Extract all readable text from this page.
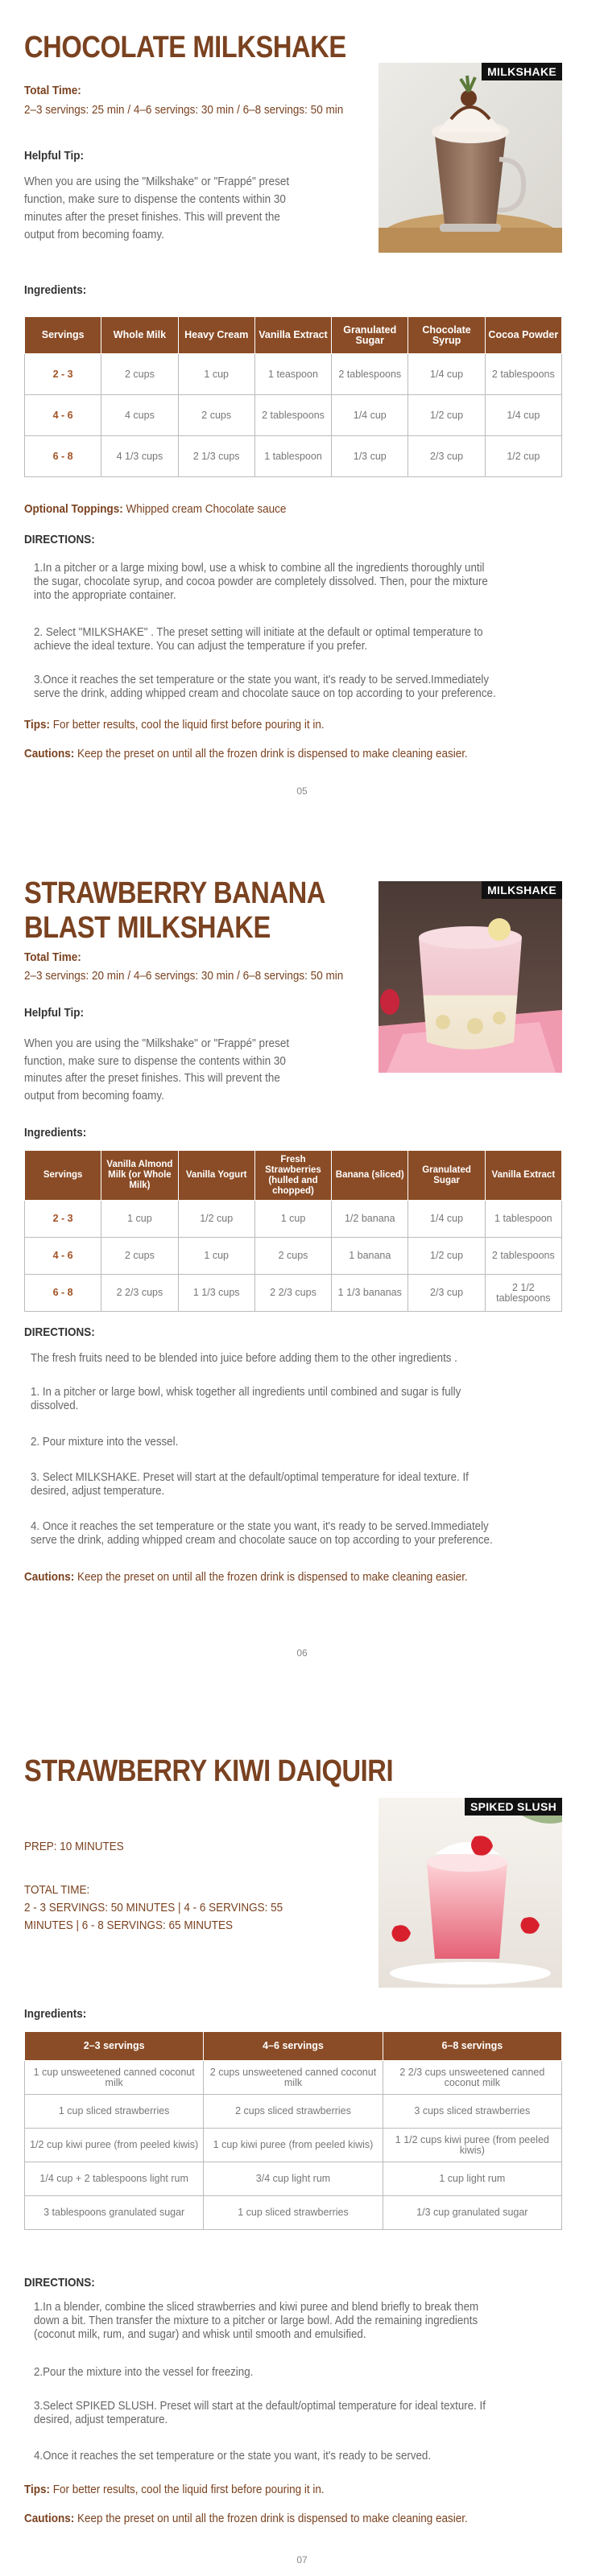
CHOCOLATE MILKSHAKE
MILKSHAKE
Total Time:
2–3 servings: 25 min / 4–6 servings: 30 min / 6–8 servings: 50 min
Helpful Tip:
When you are using the "Milkshake" or "Frappé" preset
function, make sure to dispense the contents within 30
minutes after the preset finishes. This will prevent the
output from becoming foamy.
Ingredients:
Servings	Whole Milk	Heavy Cream	Vanilla Extract	Granulated Sugar	Chocolate Syrup	Cocoa Powder
2 - 3	2 cups	1 cup	1 teaspoon	2 tablespoons	1/4 cup	2 tablespoons
4 - 6	4 cups	2 cups	2 tablespoons	1/4 cup	1/2 cup	1/4 cup
6 - 8	4 1/3 cups	2 1/3 cups	1 tablespoon	1/3 cup	2/3 cup	1/2 cup
Optional Toppings: Whipped cream Chocolate sauce
DIRECTIONS:
1.In a pitcher or a large mixing bowl, use a whisk to combine all the ingredients thoroughly until
the sugar, chocolate syrup, and cocoa powder are completely dissolved. Then, pour the mixture
into the appropriate container.
2. Select "MILKSHAKE" . The preset setting will initiate at the default or optimal temperature to
achieve the ideal texture. You can adjust the temperature if you prefer.
3.Once it reaches the set temperature or the state you want, it's ready to be served.Immediately
serve the drink, adding whipped cream and chocolate sauce on top according to your preference.
Tips: For better results, cool the liquid first before pouring it in.
Cautions: Keep the preset on until all the frozen drink is dispensed to make cleaning easier.
05
STRAWBERRY BANANA
BLAST MILKSHAKE
MILKSHAKE
Total Time:
2–3 servings: 20 min / 4–6 servings: 30 min / 6–8 servings: 50 min
Helpful Tip:
When you are using the "Milkshake" or "Frappé" preset
function, make sure to dispense the contents within 30
minutes after the preset finishes. This will prevent the
output from becoming foamy.
Ingredients:
Servings	Vanilla Almond Milk (or Whole Milk)	Vanilla Yogurt	Fresh Strawberries (hulled and chopped)	Banana (sliced)	Granulated Sugar	Vanilla Extract
2 - 3	1 cup	1/2 cup	1 cup	1/2 banana	1/4 cup	1 tablespoon
4 - 6	2 cups	1 cup	2 cups	1 banana	1/2 cup	2 tablespoons
6 - 8	2 2/3 cups	1 1/3 cups	2 2/3 cups	1 1/3 bananas	2/3 cup	2 1/2 tablespoons
DIRECTIONS:
The fresh fruits need to be blended into juice before adding them to the other ingredients .
1. In a pitcher or large bowl, whisk together all ingredients until combined and sugar is fully
dissolved.
2. Pour mixture into the vessel.
3. Select MILKSHAKE. Preset will start at the default/optimal temperature for ideal texture. If
desired, adjust temperature.
4. Once it reaches the set temperature or the state you want, it's ready to be served.Immediately
serve the drink, adding whipped cream and chocolate sauce on top according to your preference.
Cautions: Keep the preset on until all the frozen drink is dispensed to make cleaning easier.
06
STRAWBERRY KIWI DAIQUIRI
SPIKED SLUSH
PREP: 10 MINUTES
TOTAL TIME:
2 - 3 SERVINGS: 50 MINUTES | 4 - 6 SERVINGS: 55
MINUTES | 6 - 8 SERVINGS: 65 MINUTES
Ingredients:
2–3 servings	4–6 servings	6–8 servings
1 cup unsweetened canned coconut milk	2 cups unsweetened canned coconut milk	2 2/3 cups unsweetened canned coconut milk
1 cup sliced strawberries	2 cups sliced strawberries	3 cups sliced strawberries
1/2 cup kiwi puree (from peeled kiwis)	1 cup kiwi puree (from peeled kiwis)	1 1/2 cups kiwi puree (from peeled kiwis)
1/4 cup + 2 tablespoons light rum	3/4 cup light rum	1 cup light rum
3 tablespoons granulated sugar	1 cup sliced strawberries	1/3 cup granulated sugar
DIRECTIONS:
1.In a blender, combine the sliced strawberries and kiwi puree and blend briefly to break them
down a bit. Then transfer the mixture to a pitcher or large bowl. Add the remaining ingredients
(coconut milk, rum, and sugar) and whisk until smooth and emulsified.
2.Pour the mixture into the vessel for freezing.
3.Select SPIKED SLUSH. Preset will start at the default/optimal temperature for ideal texture. If
desired, adjust temperature.
4.Once it reaches the set temperature or the state you want, it's ready to be served.
Tips: For better results, cool the liquid first before pouring it in.
Cautions: Keep the preset on until all the frozen drink is dispensed to make cleaning easier.
07
